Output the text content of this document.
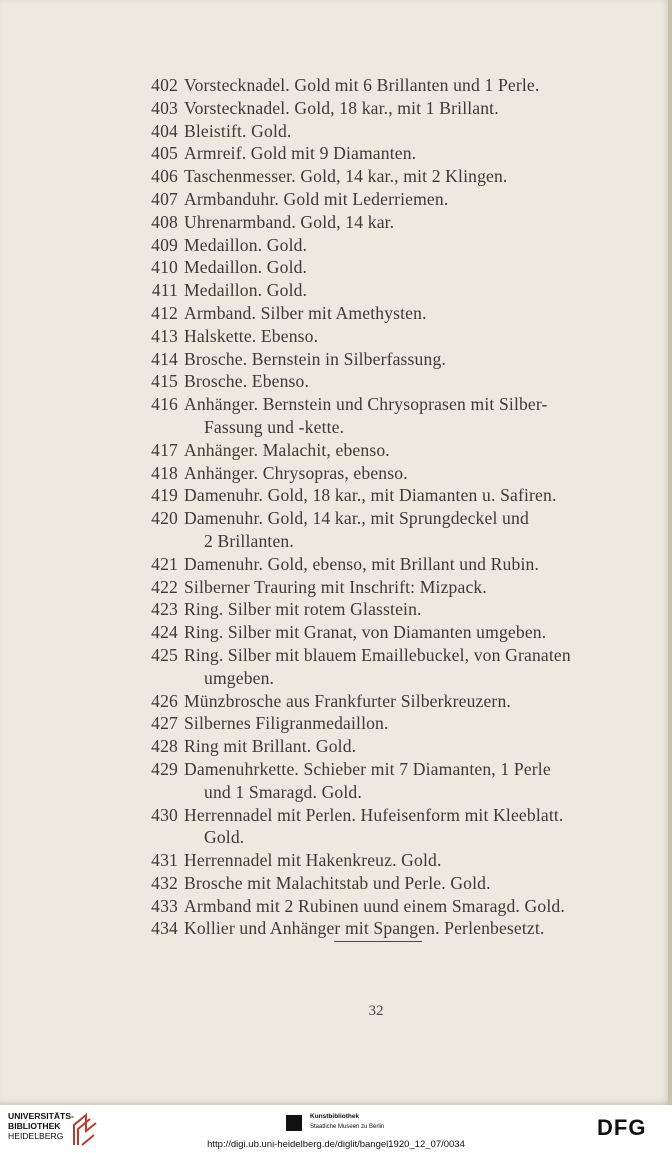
402 Vorstecknadel. Gold mit 6 Brillanten und 1 Perle.
403 Vorstecknadel. Gold, 18 kar., mit 1 Brillant.
404 Bleistift. Gold.
405 Armreif. Gold mit 9 Diamanten.
406 Taschenmesser. Gold, 14 kar., mit 2 Klingen.
407 Armbanduhr. Gold mit Lederriemen.
408 Uhrenarmband. Gold, 14 kar.
409 Medaillon. Gold.
410 Medaillon. Gold.
411 Medaillon. Gold.
412 Armband. Silber mit Amethysten.
413 Halskette. Ebenso.
414 Brosche. Bernstein in Silberfassung.
415 Brosche. Ebenso.
416 Anhänger. Bernstein und Chrysoprasen mit Silber-
Fassung und -kette.
417 Anhänger. Malachit, ebenso.
418 Anhänger. Chrysopras, ebenso.
419 Damenuhr. Gold, 18 kar., mit Diamanten u. Safiren.
420 Damenuhr. Gold, 14 kar., mit Sprungdeckel und
2 Brillanten.
421 Damenuhr. Gold, ebenso, mit Brillant und Rubin.
422 Silberner Trauring mit Inschrift: Mizpack.
423 Ring. Silber mit rotem Glasstein.
424 Ring. Silber mit Granat, von Diamanten umgeben.
425 Ring. Silber mit blauem Emaillebuckel, von Granaten
umgeben.
426 Münzbrosche aus Frankfurter Silberkreuzern.
427 Silbernes Filigranmedaillon.
428 Ring mit Brillant. Gold.
429 Damenuhrkette. Schieber mit 7 Diamanten, 1 Perle
und 1 Smaragd. Gold.
430 Herrennadel mit Perlen. Hufeisenform mit Kleeblatt.
Gold.
431 Herrennadel mit Hakenkreuz. Gold.
432 Brosche mit Malachitstab und Perle. Gold.
433 Armband mit 2 Rubinen uund einem Smaragd. Gold.
434 Kollier und Anhänger mit Spangen. Perlenbesetzt.
32
UNIVERSITÄTS-
BIBLIOTHEK
HEIDELBERG
Kunstbibliothek
Staatliche Museen zu Berlin	DFG
http://digi.ub.uni-heidelberg.de/diglit/bangel1920_12_07/0034
